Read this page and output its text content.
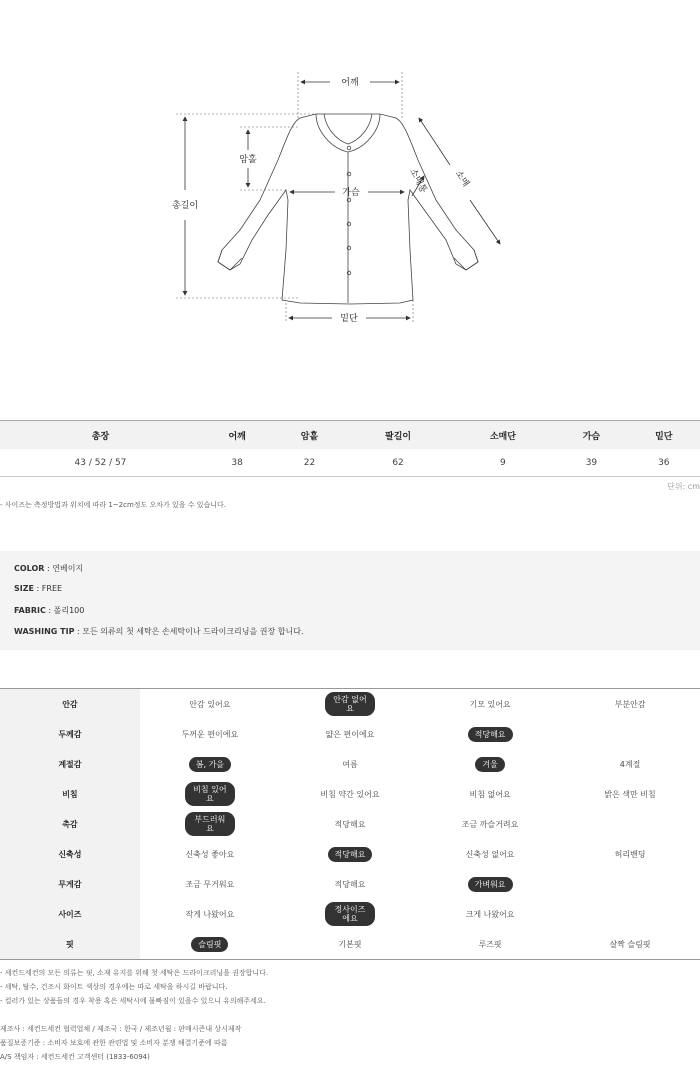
어깨
총길이
암홀
가슴
소매
소매통
밑단
총장	어깨	암홀	팔길이	소매단	가슴	밑단
43 / 52 / 57	38	22	62	9	39	36
단위: cm
- 사이즈는 측정방법과 위치에 따라 1~2cm정도 오차가 있을 수 있습니다.
COLOR : 연베이지
SIZE : FREE
FABRIC : 폴리100
WASHING TIP : 모든 의류의 첫 세탁은 손세탁이나 드라이크리닝을 권장 합니다.
안감	안감 있어요	안감 없어요	기모 있어요	부분안감
두께감	두꺼운 편이에요	얇은 편이에요	적당해요	
계절감	봄, 가을	여름	겨울	4계절
비침	비침 있어요	비침 약간 있어요	비침 없어요	밝은 색만 비침
촉감	부드러워요	적당해요	조금 까슬거려요	
신축성	신축성 좋아요	적당해요	신축성 없어요	허리밴딩
무게감	조금 무거워요	적당해요	가벼워요	
사이즈	작게 나왔어요	정사이즈에요	크게 나왔어요	
핏	슬림핏	기본핏	루즈핏	살짝 슬림핏
- 세컨드세컨의 모든 의류는 핏, 소재 유지를 위해 첫 세탁은 드라이크리닝을 권장합니다.
- 세탁, 탈수, 건조시 화이트 색상의 경우에는 따로 세탁을 하시길 바랍니다.
- 컬러가 있는 상품들의 경우 착용 혹은 세탁시에 물빠짐이 있을수 있으니 유의해주세요.
제조사 : 세컨드세컨 협력업체 / 제조국 : 한국 / 제조년월 : 판매시즌내 상시제작
품질보증기준 : 소비자 보호에 관한 관련법 및 소비자 분쟁 해결기준에 따름
A/S 책임자 : 세컨드세컨 고객센터 (1833-6094)
